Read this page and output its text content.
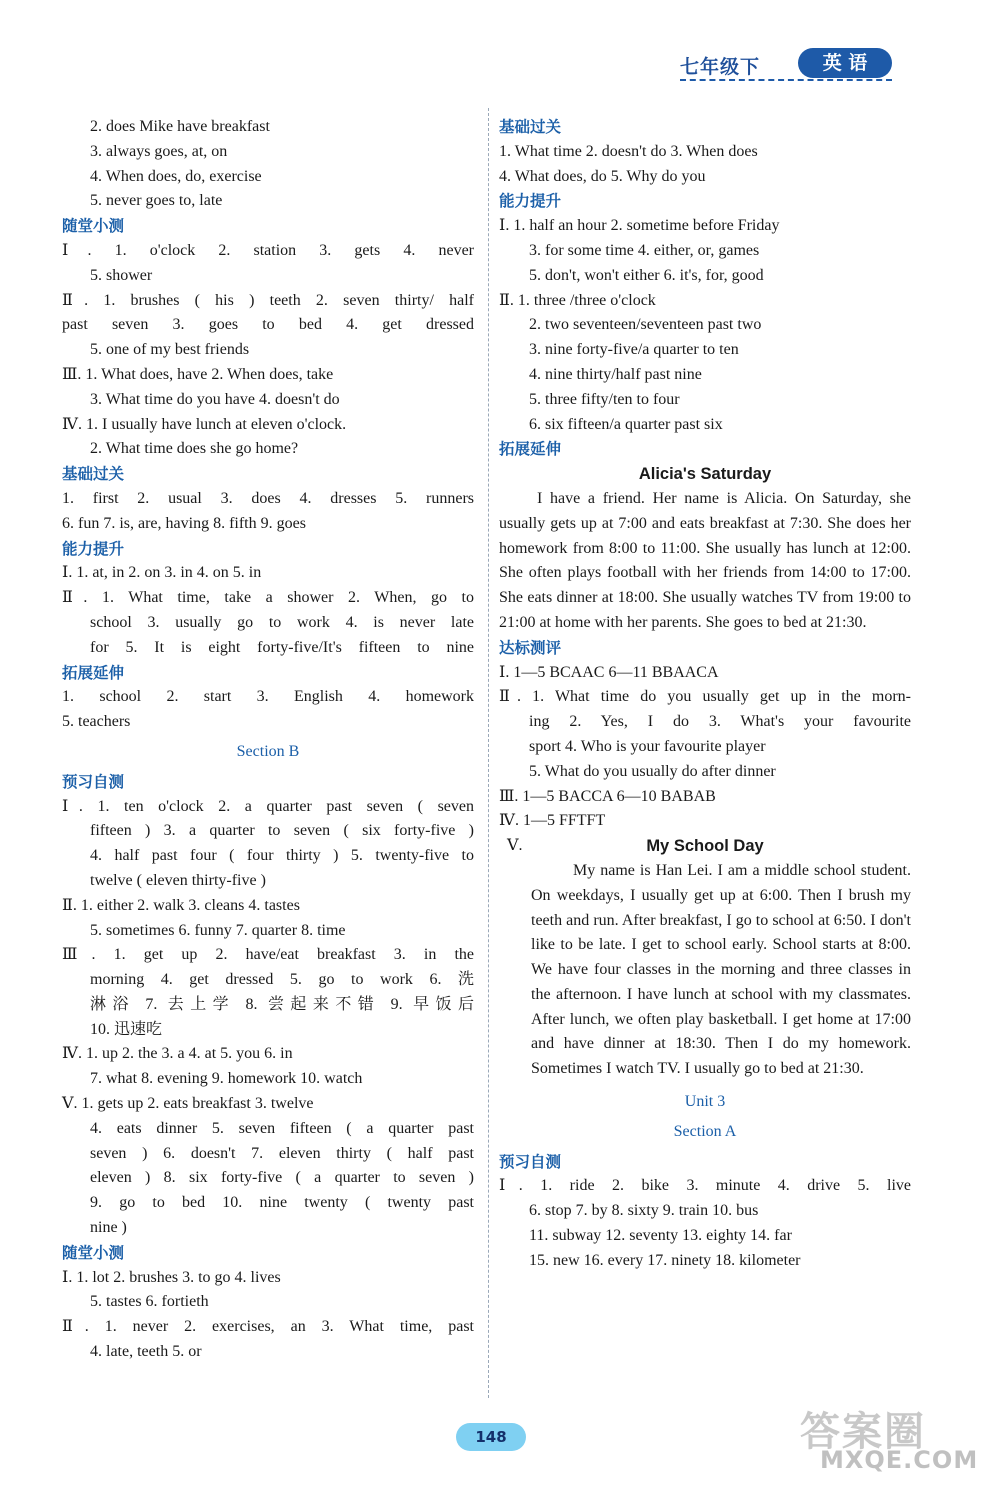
七年级下	英 语
2. does Mike have breakfast
3. always goes, at, on
4. When does, do, exercise
5. never goes to, late
随堂小测
Ⅰ. 1. o'clock 2. station 3. gets 4. never
5. shower
Ⅱ. 1. brushes ( his ) teeth 2. seven thirty/ half
past seven 3. goes to bed 4. get dressed
5. one of my best friends
Ⅲ. 1. What does, have 2. When does, take
3. What time do you have 4. doesn't do
Ⅳ. 1. I usually have lunch at eleven o'clock.
2. What time does she go home?
基础过关
1. first 2. usual 3. does 4. dresses 5. runners
6. fun 7. is, are, having 8. fifth 9. goes
能力提升
Ⅰ. 1. at, in 2. on 3. in 4. on 5. in
Ⅱ. 1. What time, take a shower 2. When, go to
school 3. usually go to work 4. is never late
for 5. It is eight forty-five/It's fifteen to nine
拓展延伸
1. school 2. start 3. English 4. homework
5. teachers
Section B
预习自测
Ⅰ. 1. ten o'clock 2. a quarter past seven ( seven
fifteen ) 3. a quarter to seven ( six forty-five )
4. half past four ( four thirty ) 5. twenty-five to
twelve ( eleven thirty-five )
Ⅱ. 1. either 2. walk 3. cleans 4. tastes
5. sometimes 6. funny 7. quarter 8. time
Ⅲ. 1. get up 2. have/eat breakfast 3. in the
morning 4. get dressed 5. go to work 6. 洗
淋浴 7. 去上学 8. 尝起来不错 9. 早饭后
10. 迅速吃
Ⅳ. 1. up 2. the 3. a 4. at 5. you 6. in
7. what 8. evening 9. homework 10. watch
Ⅴ. 1. gets up 2. eats breakfast 3. twelve
4. eats dinner 5. seven fifteen ( a quarter past
seven ) 6. doesn't 7. eleven thirty ( half past
eleven ) 8. six forty-five ( a quarter to seven )
9. go to bed 10. nine twenty ( twenty past
nine )
随堂小测
Ⅰ. 1. lot 2. brushes 3. to go 4. lives
5. tastes 6. fortieth
Ⅱ. 1. never 2. exercises, an 3. What time, past
4. late, teeth 5. or
基础过关
1. What time 2. doesn't do 3. When does
4. What does, do 5. Why do you
能力提升
Ⅰ. 1. half an hour 2. sometime before Friday
3. for some time 4. either, or, games
5. don't, won't either 6. it's, for, good
Ⅱ. 1. three /three o'clock
2. two seventeen/seventeen past two
3. nine forty-five/a quarter to ten
4. nine thirty/half past nine
5. three fifty/ten to four
6. six fifteen/a quarter past six
拓展延伸
Alicia's Saturday
I have a friend. Her name is Alicia. On Saturday, she usually gets up at 7:00 and eats breakfast at 7:30. She does her homework from 8:00 to 11:00. She usually has lunch at 12:00. She often plays football with her friends from 14:00 to 17:00. She eats dinner at 18:00. She usually watches TV from 19:00 to 21:00 at home with her parents. She goes to bed at 21:30.
达标测评
Ⅰ. 1—5 BCAAC 6—11 BBAACA
Ⅱ. 1. What time do you usually get up in the morn-
ing 2. Yes, I do 3. What's your favourite
sport 4. Who is your favourite player
5. What do you usually do after dinner
Ⅲ. 1—5 BACCA 6—10 BABAB
Ⅳ. 1—5 FFTFT
Ⅴ.	My School Day
My name is Han Lei. I am a middle school student. On weekdays, I usually get up at 6:00. Then I brush my teeth and run. After breakfast, I go to school at 6:50. I don't like to be late. I get to school early. School starts at 8:00. We have four classes in the morning and three classes in the afternoon. I have lunch at school with my classmates. After lunch, we often play basketball. I get home at 17:00 and have dinner at 18:30. Then I do my homework. Sometimes I watch TV. I usually go to bed at 21:30.
Unit 3
Section A
预习自测
Ⅰ. 1. ride 2. bike 3. minute 4. drive 5. live
6. stop 7. by 8. sixty 9. train 10. bus
11. subway 12. seventy 13. eighty 14. far
15. new 16. every 17. ninety 18. kilometer
148	答案圈
MXQE.COM
